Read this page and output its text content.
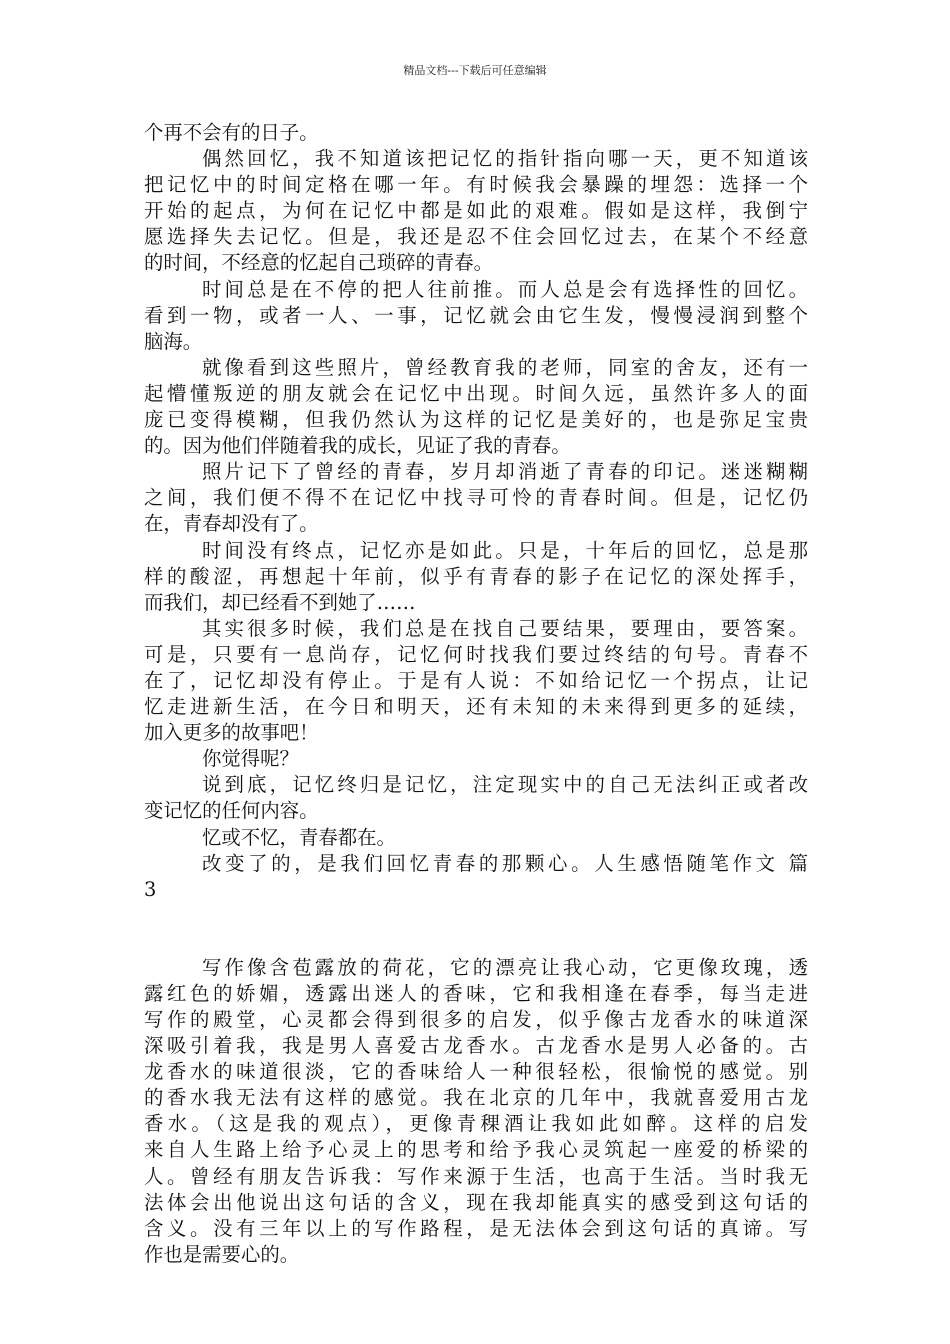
精品文档---下载后可任意编辑
个再不会有的日子。
偶然回忆，我不知道该把记忆的指针指向哪一天，更不知道该
把记忆中的时间定格在哪一年。有时候我会暴躁的埋怨：选择一个
开始的起点，为何在记忆中都是如此的艰难。假如是这样，我倒宁
愿选择失去记忆。但是，我还是忍不住会回忆过去，在某个不经意
的时间，不经意的忆起自己琐碎的青春。
时间总是在不停的把人往前推。而人总是会有选择性的回忆。
看到一物，或者一人、一事，记忆就会由它生发，慢慢浸润到整个
脑海。
就像看到这些照片，曾经教育我的老师，同室的舍友，还有一
起懵懂叛逆的朋友就会在记忆中出现。时间久远，虽然许多人的面
庞已变得模糊，但我仍然认为这样的记忆是美好的，也是弥足宝贵
的。因为他们伴随着我的成长，见证了我的青春。
照片记下了曾经的青春，岁月却消逝了青春的印记。迷迷糊糊
之间，我们便不得不在记忆中找寻可怜的青春时间。但是，记忆仍
在，青春却没有了。
时间没有终点，记忆亦是如此。只是，十年后的回忆，总是那
样的酸涩，再想起十年前，似乎有青春的影子在记忆的深处挥手，
而我们，却已经看不到她了……
其实很多时候，我们总是在找自己要结果，要理由，要答案。
可是，只要有一息尚存，记忆何时找我们要过终结的句号。青春不
在了，记忆却没有停止。于是有人说：不如给记忆一个拐点，让记
忆走进新生活，在今日和明天，还有未知的未来得到更多的延续，
加入更多的故事吧！
你觉得呢？
说到底，记忆终归是记忆，注定现实中的自己无法纠正或者改
变记忆的任何内容。
忆或不忆，青春都在。
改变了的，是我们回忆青春的那颗心。人生感悟随笔作文 篇
3
写作像含苞露放的荷花，它的漂亮让我心动，它更像玫瑰，透
露红色的娇媚，透露出迷人的香味，它和我相逢在春季，每当走进
写作的殿堂，心灵都会得到很多的启发，似乎像古龙香水的味道深
深吸引着我，我是男人喜爱古龙香水。古龙香水是男人必备的。古
龙香水的味道很淡，它的香味给人一种很轻松，很愉悦的感觉。别
的香水我无法有这样的感觉。我在北京的几年中，我就喜爱用古龙
香水。（这是我的观点），更像青稞酒让我如此如醉。这样的启发
来自人生路上给予心灵上的思考和给予我心灵筑起一座爱的桥梁的
人。曾经有朋友告诉我：写作来源于生活，也高于生活。当时我无
法体会出他说出这句话的含义，现在我却能真实的感受到这句话的
含义。没有三年以上的写作路程，是无法体会到这句话的真谛。写
作也是需要心的。
